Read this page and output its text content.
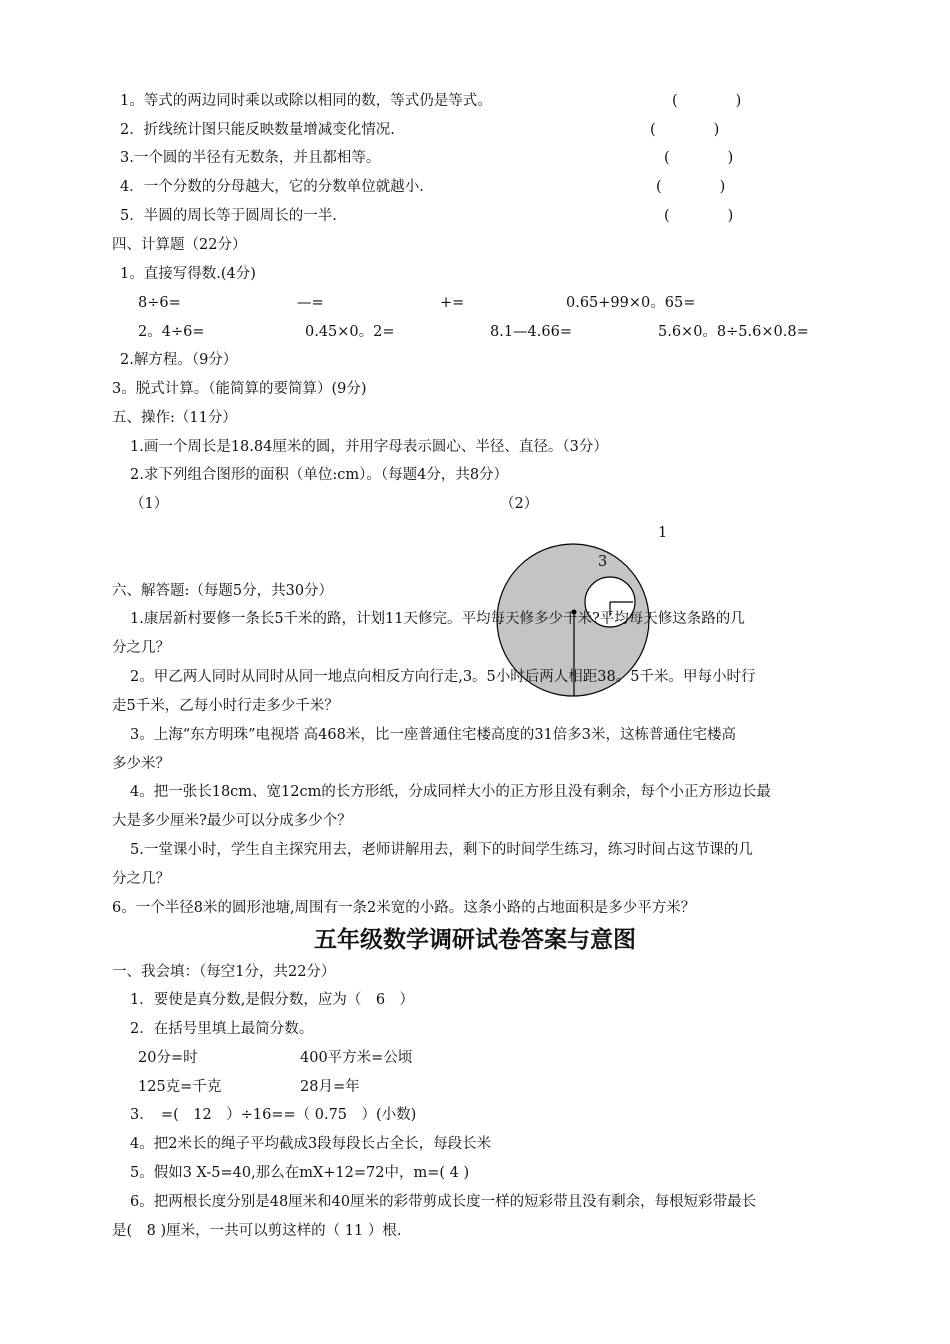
1。等式的两边同时乘以或除以相同的数，等式仍是等式。	(　　　　)
2．折线统计图只能反映数量增减变化情况.	(　　　　)
3.一个圆的半径有无数条，并且都相等。	(　　　　)
4．一个分数的分母越大，它的分数单位就越小.	(　　　　)
5．半圆的周长等于圆周长的一半.	(　　　　)
四、计算题（22分）
1。直接写得数.(4分)
8÷6=	—=	+=	0.65+99×0。65=
2。4÷6=	0.45×0。2=	8.1—4.66=	5.6×0。8÷5.6×0.8=
2.解方程。（9分）
3。脱式计算。（能简算的要简算）(9分)
五、操作:（11分）
1.画一个周长是18.84厘米的圆，并用字母表示圆心、半径、直径。（3分）
2.求下列组合图形的面积（单位:cm）。（每题4分，共8分）
（1）	（2）
1
3
六、解答题:（每题5分，共30分）
1.康居新村要修一条长5千米的路，计划11天修完。平均每天修多少千米?平均每天修这条路的几
分之几？
2。甲乙两人同时从同时从同一地点向相反方向行走,3。5小时后两人相距38。5千米。甲每小时行
走5千米，乙每小时行走多少千米？
3。上海“东方明珠”电视塔 高468米，比一座普通住宅楼高度的31倍多3米，这栋普通住宅楼高
多少米？
4。把一张长18cm、宽12cm的长方形纸，分成同样大小的正方形且没有剩余，每个小正方形边长最
大是多少厘米?最少可以分成多少个？
5.一堂课小时，学生自主探究用去，老师讲解用去，剩下的时间学生练习，练习时间占这节课的几
分之几？
6。一个半径8米的圆形池塘,周围有一条2米宽的小路。这条小路的占地面积是多少平方米？
五年级数学调研试卷答案与意图
一、我会填：（每空1分，共22分）
1．要使是真分数,是假分数，应为（　6　）
2．在括号里填上最简分数。
20分=时	400平方米=公顷
125克=千克	28月=年
3．　=(　12　）÷16==（ 0.75　）(小数)
4。把2米长的绳子平均截成3段每段长占全长，每段长米
5。假如3 X-5=40,那么在mX+12=72中，m=( 4 )
6。把两根长度分别是48厘米和40厘米的彩带剪成长度一样的短彩带且没有剩余，每根短彩带最长
是(　8 )厘米，一共可以剪这样的（ 11 ）根.
